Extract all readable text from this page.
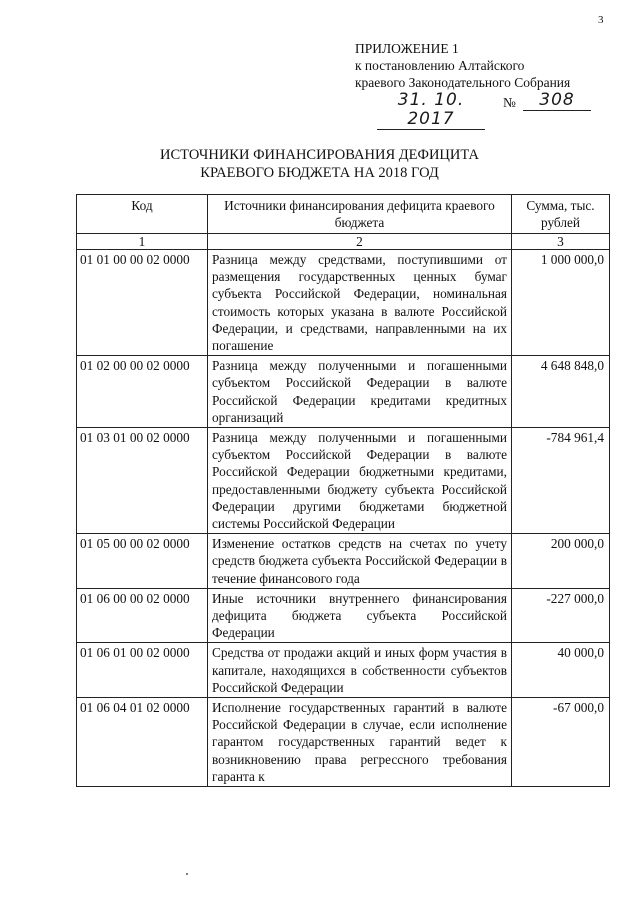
3
ПРИЛОЖЕНИЕ 1
к постановлению Алтайского
краевого Законодательного Собрания
31. 10. 2017
№	308
ИСТОЧНИКИ ФИНАНСИРОВАНИЯ ДЕФИЦИТА
КРАЕВОГО БЮДЖЕТА НА 2018 ГОД
Код	Источники финансирования дефицита краевого бюджета	Сумма, тыс. рублей
1	2	3
01 01 00 00 02 0000	Разница между средствами, поступившими от размещения государственных ценных бумаг субъекта Российской Федерации, номинальная стоимость которых указана в валюте Российской Федерации, и средствами, направленными на их погашение	1 000 000,0
01 02 00 00 02 0000	Разница между полученными и погашенными субъектом Российской Федерации в валюте Российской Федерации кредитами кредитных организаций	4 648 848,0
01 03 01 00 02 0000	Разница между полученными и погашенными субъектом Российской Федерации в валюте Российской Федерации бюджетными кредитами, предоставленными бюджету субъекта Российской Федерации другими бюджетами бюджетной системы Российской Федерации	-784 961,4
01 05 00 00 02 0000	Изменение остатков средств на счетах по учету средств бюджета субъекта Российской Федерации в течение финансового года	200 000,0
01 06 00 00 02 0000	Иные источники внутреннего финансирования дефицита бюджета субъекта Российской Федерации	-227 000,0
01 06 01 00 02 0000	Средства от продажи акций и иных форм участия в капитале, находящихся в собственности субъектов Российской Федерации	40 000,0
01 06 04 01 02 0000	Исполнение государственных гарантий в валюте Российской Федерации в случае, если исполнение гарантом государственных гарантий ведет к возникновению права регрессного требования гаранта к	-67 000,0
